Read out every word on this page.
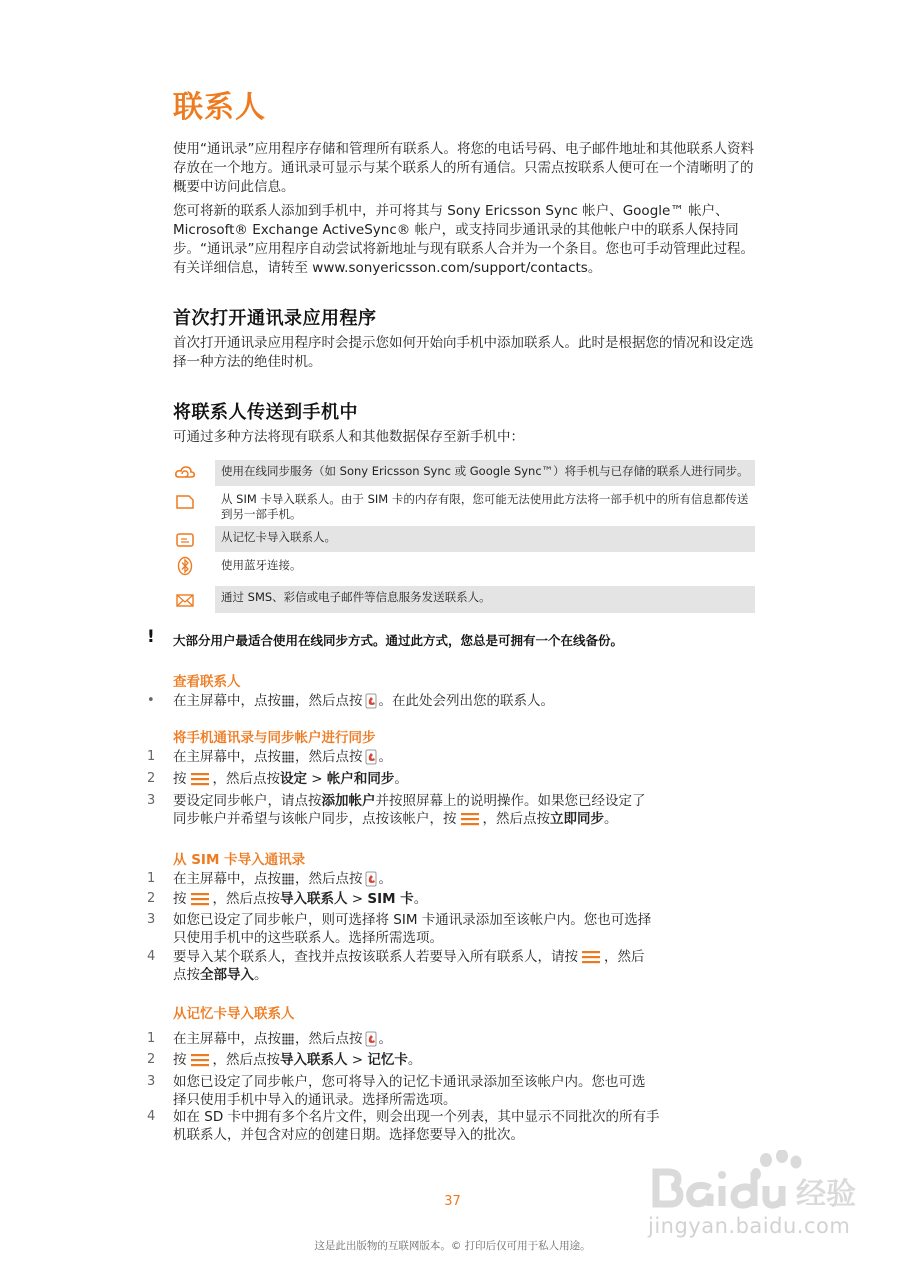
联系人
使用“通讯录”应用程序存储和管理所有联系人。将您的电话号码、电子邮件地址和其他联系人资料存放在一个地方。通讯录可显示与某个联系人的所有通信。只需点按联系人便可在一个清晰明了的概要中访问此信息。
您可将新的联系人添加到手机中，并可将其与 Sony Ericsson Sync 帐户、Google™ 帐户、Microsoft® Exchange ActiveSync® 帐户，或支持同步通讯录的其他帐户中的联系人保持同步。“通讯录”应用程序自动尝试将新地址与现有联系人合并为一个条目。您也可手动管理此过程。有关详细信息，请转至 www.sonyericsson.com/support/contacts。
首次打开通讯录应用程序
首次打开通讯录应用程序时会提示您如何开始向手机中添加联系人。此时是根据您的情况和设定选择一种方法的绝佳时机。
将联系人传送到手机中
可通过多种方法将现有联系人和其他数据保存至新手机中：
使用在线同步服务（如 Sony Ericsson Sync 或 Google Sync™）将手机与已存储的联系人进行同步。
从 SIM 卡导入联系人。由于 SIM 卡的内存有限，您可能无法使用此方法将一部手机中的所有信息都传送到另一部手机。
从记忆卡导入联系人。
使用蓝牙连接。
通过 SMS、彩信或电子邮件等信息服务发送联系人。
! 大部分用户最适合使用在线同步方式。通过此方式，您总是可拥有一个在线备份。
查看联系人
•	在主屏幕中，点按 ，然后点按 。在此处会列出您的联系人。
将手机通讯录与同步帐户进行同步
1	在主屏幕中，点按 ，然后点按 。
2	按 ，然后点按设定 > 帐户和同步。
3	要设定同步帐户，请点按添加帐户并按照屏幕上的说明操作。如果您已经设定了
同步帐户并希望与该帐户同步，点按该帐户，按 ，然后点按立即同步。
从 SIM 卡导入通讯录
1	在主屏幕中，点按 ，然后点按 。
2	按 ，然后点按导入联系人 > SIM 卡。
3	如您已设定了同步帐户，则可选择将 SIM 卡通讯录添加至该帐户内。您也可选择
只使用手机中的这些联系人。选择所需选项。
4	要导入某个联系人，查找并点按该联系人若要导入所有联系人，请按 ，然后
点按全部导入。
从记忆卡导入联系人
1	在主屏幕中，点按 ，然后点按 。
2	按 ，然后点按导入联系人 > 记忆卡。
3	如您已设定了同步帐户，您可将导入的记忆卡通讯录添加至该帐户内。您也可选
择只使用手机中导入的通讯录。选择所需选项。
4	如在 SD 卡中拥有多个名片文件，则会出现一个列表，其中显示不同批次的所有手
机联系人，并包含对应的创建日期。选择您要导入的批次。
经验
jingyan.baidu.com
37
这是此出版物的互联网版本。© 打印后仅可用于私人用途。
